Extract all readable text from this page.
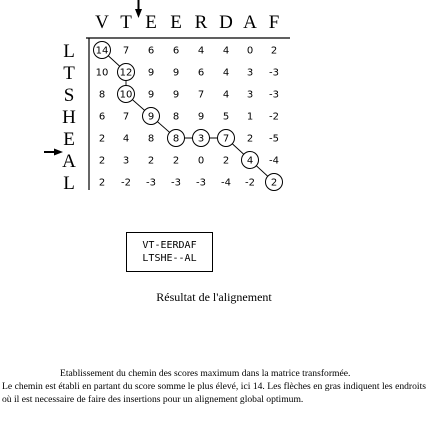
V T E E R D A F
L
T
S
H
E
A
L
14 7 6 6 4 4 0 2
10 12 9 9 6 4 3 -3
8 10 9 9 7 4 3 -3
6 7 9 8 9 5 1 -2
2 4 8 8 3 7 2 -5
2 3 2 2 0 2 4 -4
2 -2 -3 -3 -3 -4 -2 2
VT-EERDAF
LTSHE--AL
Résultat de l'alignement
Etablissement du chemin des scores maximum dans la matrice transformée.
Le chemin est établi en partant du score somme le plus élevé, ici 14. Les flèches en gras indiquent les endroits où il est necessaire de faire des insertions pour un alignement global optimum.
